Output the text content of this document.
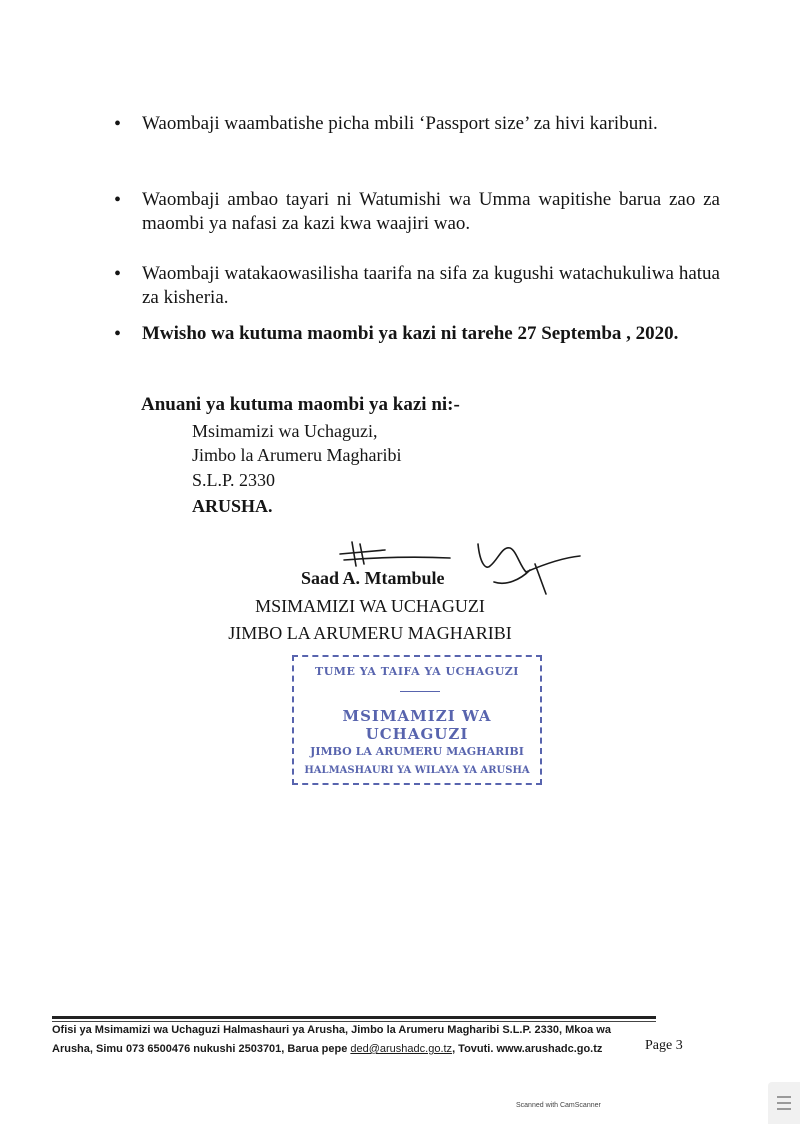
•	Waombaji waambatishe picha mbili ‘Passport size’ za hivi karibuni.
•	Waombaji ambao tayari ni Watumishi wa Umma wapitishe barua zao za maombi ya nafasi za kazi kwa waajiri wao.
•	Waombaji watakaowasilisha taarifa na sifa za kugushi watachukuliwa hatua za kisheria.
•	Mwisho wa kutuma maombi ya kazi ni tarehe 27 Septemba , 2020.
Anuani ya kutuma maombi ya kazi ni:-
Msimamizi wa Uchaguzi,
Jimbo la Arumeru Magharibi
S.L.P. 2330
ARUSHA.
Saad A. Mtambule
MSIMAMIZI WA UCHAGUZI
JIMBO LA ARUMERU MAGHARIBI
TUME YA TAIFA YA UCHAGUZI
MSIMAMIZI WA UCHAGUZI
JIMBO LA ARUMERU MAGHARIBI
HALMASHAURI YA WILAYA YA ARUSHA
Ofisi ya Msimamizi wa Uchaguzi Halmashauri ya Arusha, Jimbo la Arumeru Magharibi S.L.P. 2330, Mkoa wa
Arusha, Simu 073 6500476 nukushi 2503701, Barua pepe ded@arushadc.go.tz, Tovuti. www.arushadc.go.tz	Page 3
Scanned with CamScanner
